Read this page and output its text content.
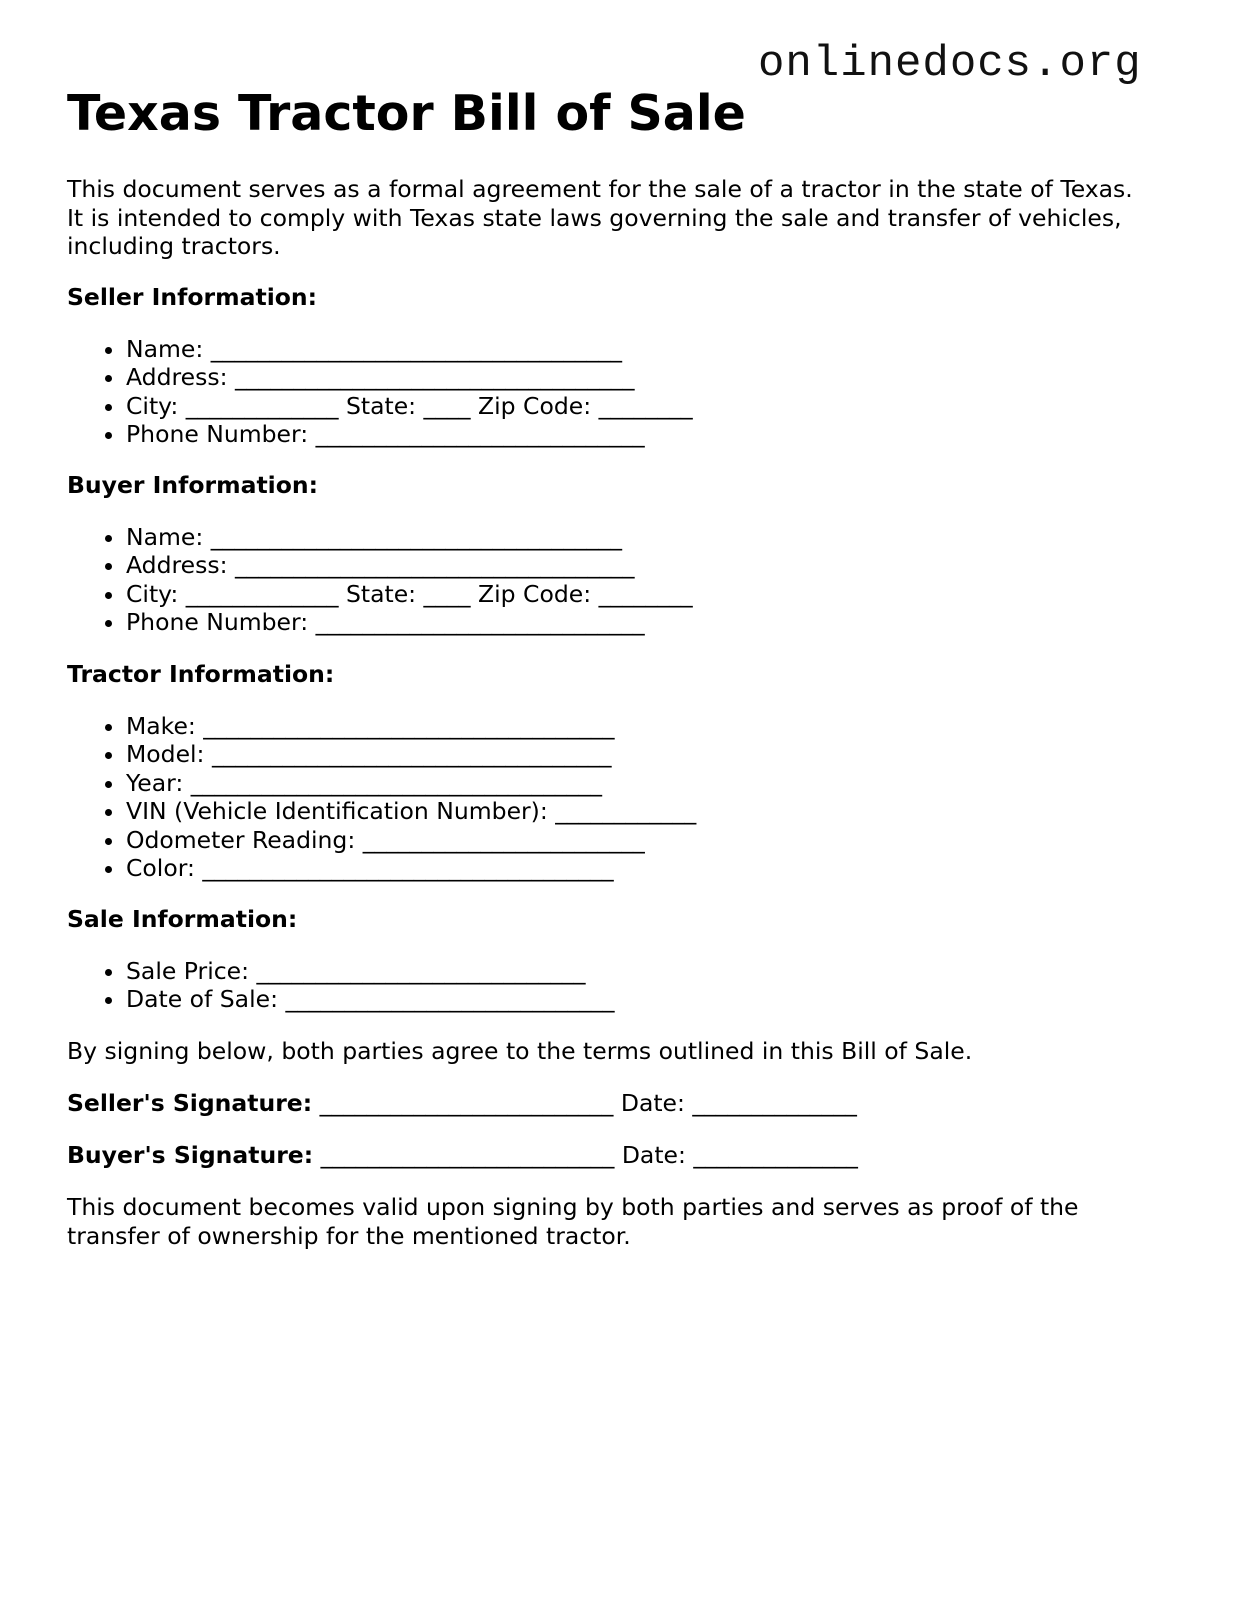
onlinedocs.org
Texas Tractor Bill of Sale

This document serves as a formal agreement for the sale of a tractor in the state of Texas. It is intended to comply with Texas state laws governing the sale and transfer of vehicles, including tractors.

Seller Information:
• Name: ___________________________________
• Address: __________________________________
• City: _____________ State: ____ Zip Code: ________
• Phone Number: ____________________________
Buyer Information:
• Name: ___________________________________
• Address: __________________________________
• City: _____________ State: ____ Zip Code: ________
• Phone Number: ____________________________
Tractor Information:
• Make: ___________________________________
• Model: __________________________________
• Year: ___________________________________
• VIN (Vehicle Identification Number): ____________
• Odometer Reading: ________________________
• Color: ___________________________________
Sale Information:
• Sale Price: ____________________________
• Date of Sale: ____________________________

By signing below, both parties agree to the terms outlined in this Bill of Sale.

Seller's Signature: _________________________ Date: ______________
Buyer's Signature: _________________________ Date: ______________

This document becomes valid upon signing by both parties and serves as proof of the transfer of ownership for the mentioned tractor.
